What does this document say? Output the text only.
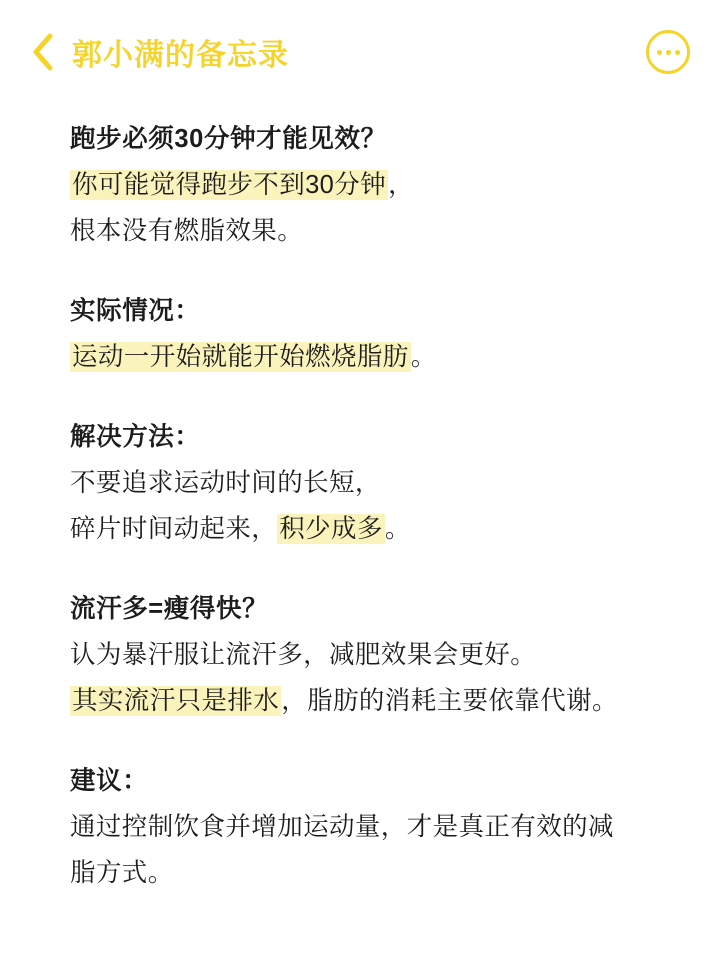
郭小满的备忘录
跑步必须30分钟才能见效？
你可能觉得跑步不到30分钟，
根本没有燃脂效果。
实际情况：
运动一开始就能开始燃烧脂肪。
解决方法：
不要追求运动时间的长短，
碎片时间动起来，积少成多。
流汗多=瘦得快？
认为暴汗服让流汗多，减肥效果会更好。
其实流汗只是排水，脂肪的消耗主要依靠代谢。
建议：
通过控制饮食并增加运动量，才是真正有效的减
脂方式。
